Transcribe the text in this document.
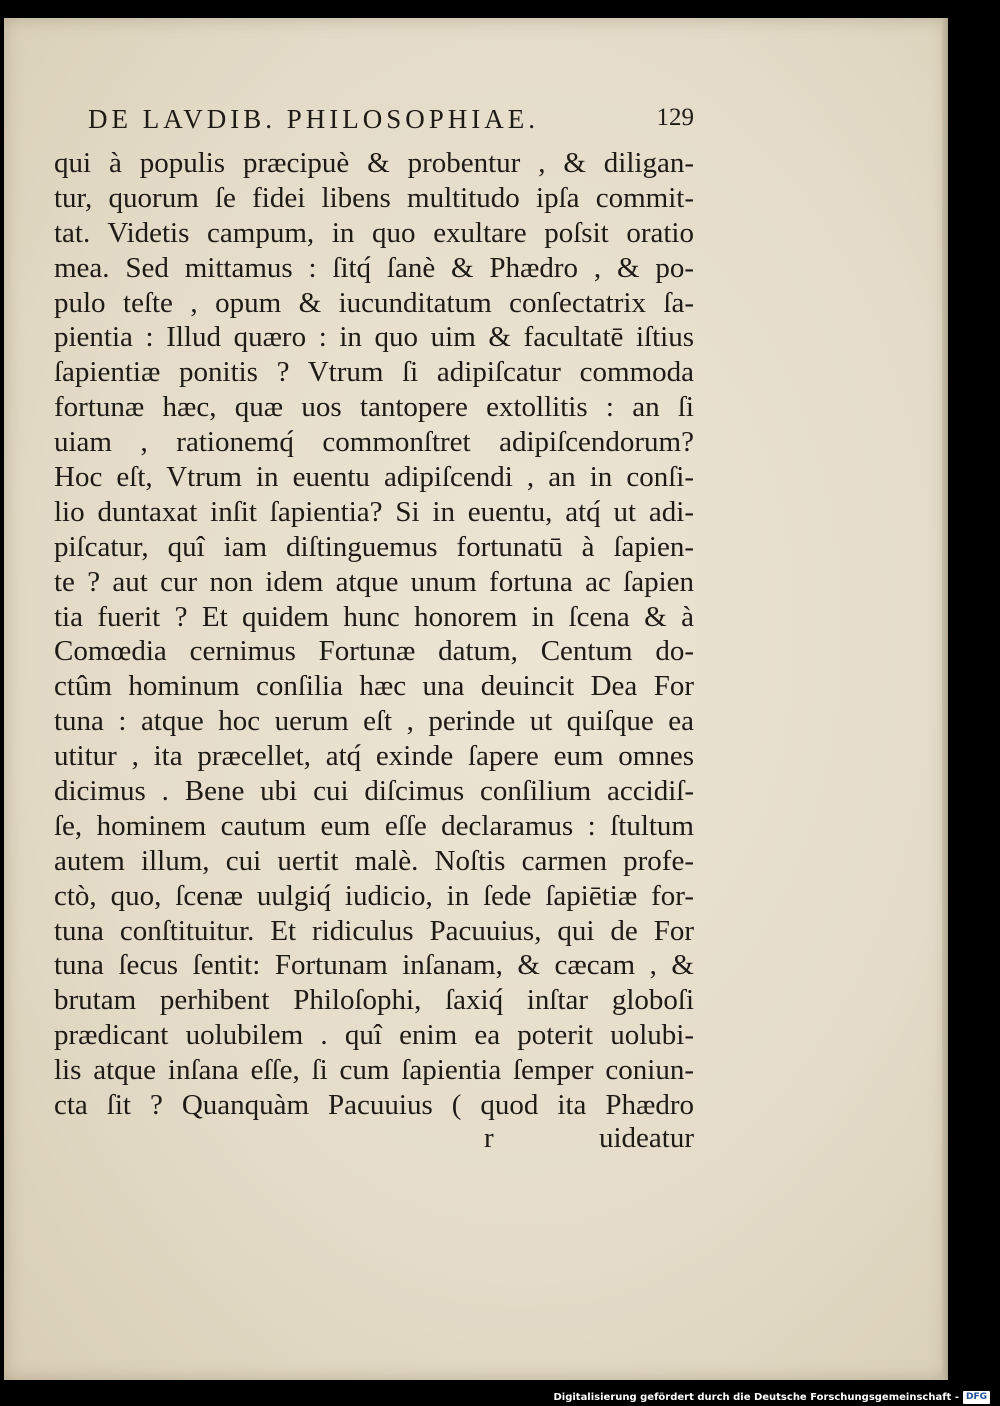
DE LAVDIB. PHILOSOPHIAE.	129
qui à populis præcipuè & probentur , & diligan-
tur, quorum ſe fidei libens multitudo ipſa commit-
tat. Videtis campum, in quo exultare poſsit oratio
mea. Sed mittamus : ſitq́ ſanè & Phædro , & po-
pulo teſte , opum & iucunditatum conſectatrix ſa-
pientia : Illud quæro : in quo uim & facultatē iſtius
ſapientiæ ponitis ? Vtrum ſi adipiſcatur commoda
fortunæ hæc, quæ uos tantopere extollitis : an ſi
uiam , rationemq́ commonſtret adipiſcendorum?
Hoc eſt, Vtrum in euentu adipiſcendi , an in conſi-
lio duntaxat inſit ſapientia? Si in euentu, atq́ ut adi-
piſcatur, quî iam diſtinguemus fortunatū à ſapien-
te ? aut cur non idem atque unum fortuna ac ſapien
tia fuerit ? Et quidem hunc honorem in ſcena & à
Comœdia cernimus Fortunæ datum, Centum do-
ctûm hominum conſilia hæc una deuincit Dea For
tuna : atque hoc uerum eſt , perinde ut quiſque ea
utitur , ita præcellet, atq́ exinde ſapere eum omnes
dicimus . Bene ubi cui diſcimus conſilium accidiſ-
ſe, hominem cautum eum eſſe declaramus : ſtultum
autem illum, cui uertit malè. Noſtis carmen profe-
ctò, quo, ſcenæ uulgiq́ iudicio, in ſede ſapiētiæ for-
tuna conſtituitur. Et ridiculus Pacuuius, qui de For
tuna ſecus ſentit: Fortunam inſanam, & cæcam , &
brutam perhibent Philoſophi, ſaxiq́ inſtar globoſi
prædicant uolubilem . quî enim ea poterit uolubi-
lis atque inſana eſſe, ſi cum ſapientia ſemper coniun-
cta ſit ? Quanquàm Pacuuius ( quod ita Phædro
r	uideatur
Digitalisierung gefördert durch die Deutsche Forschungsgemeinschaft - DFG
